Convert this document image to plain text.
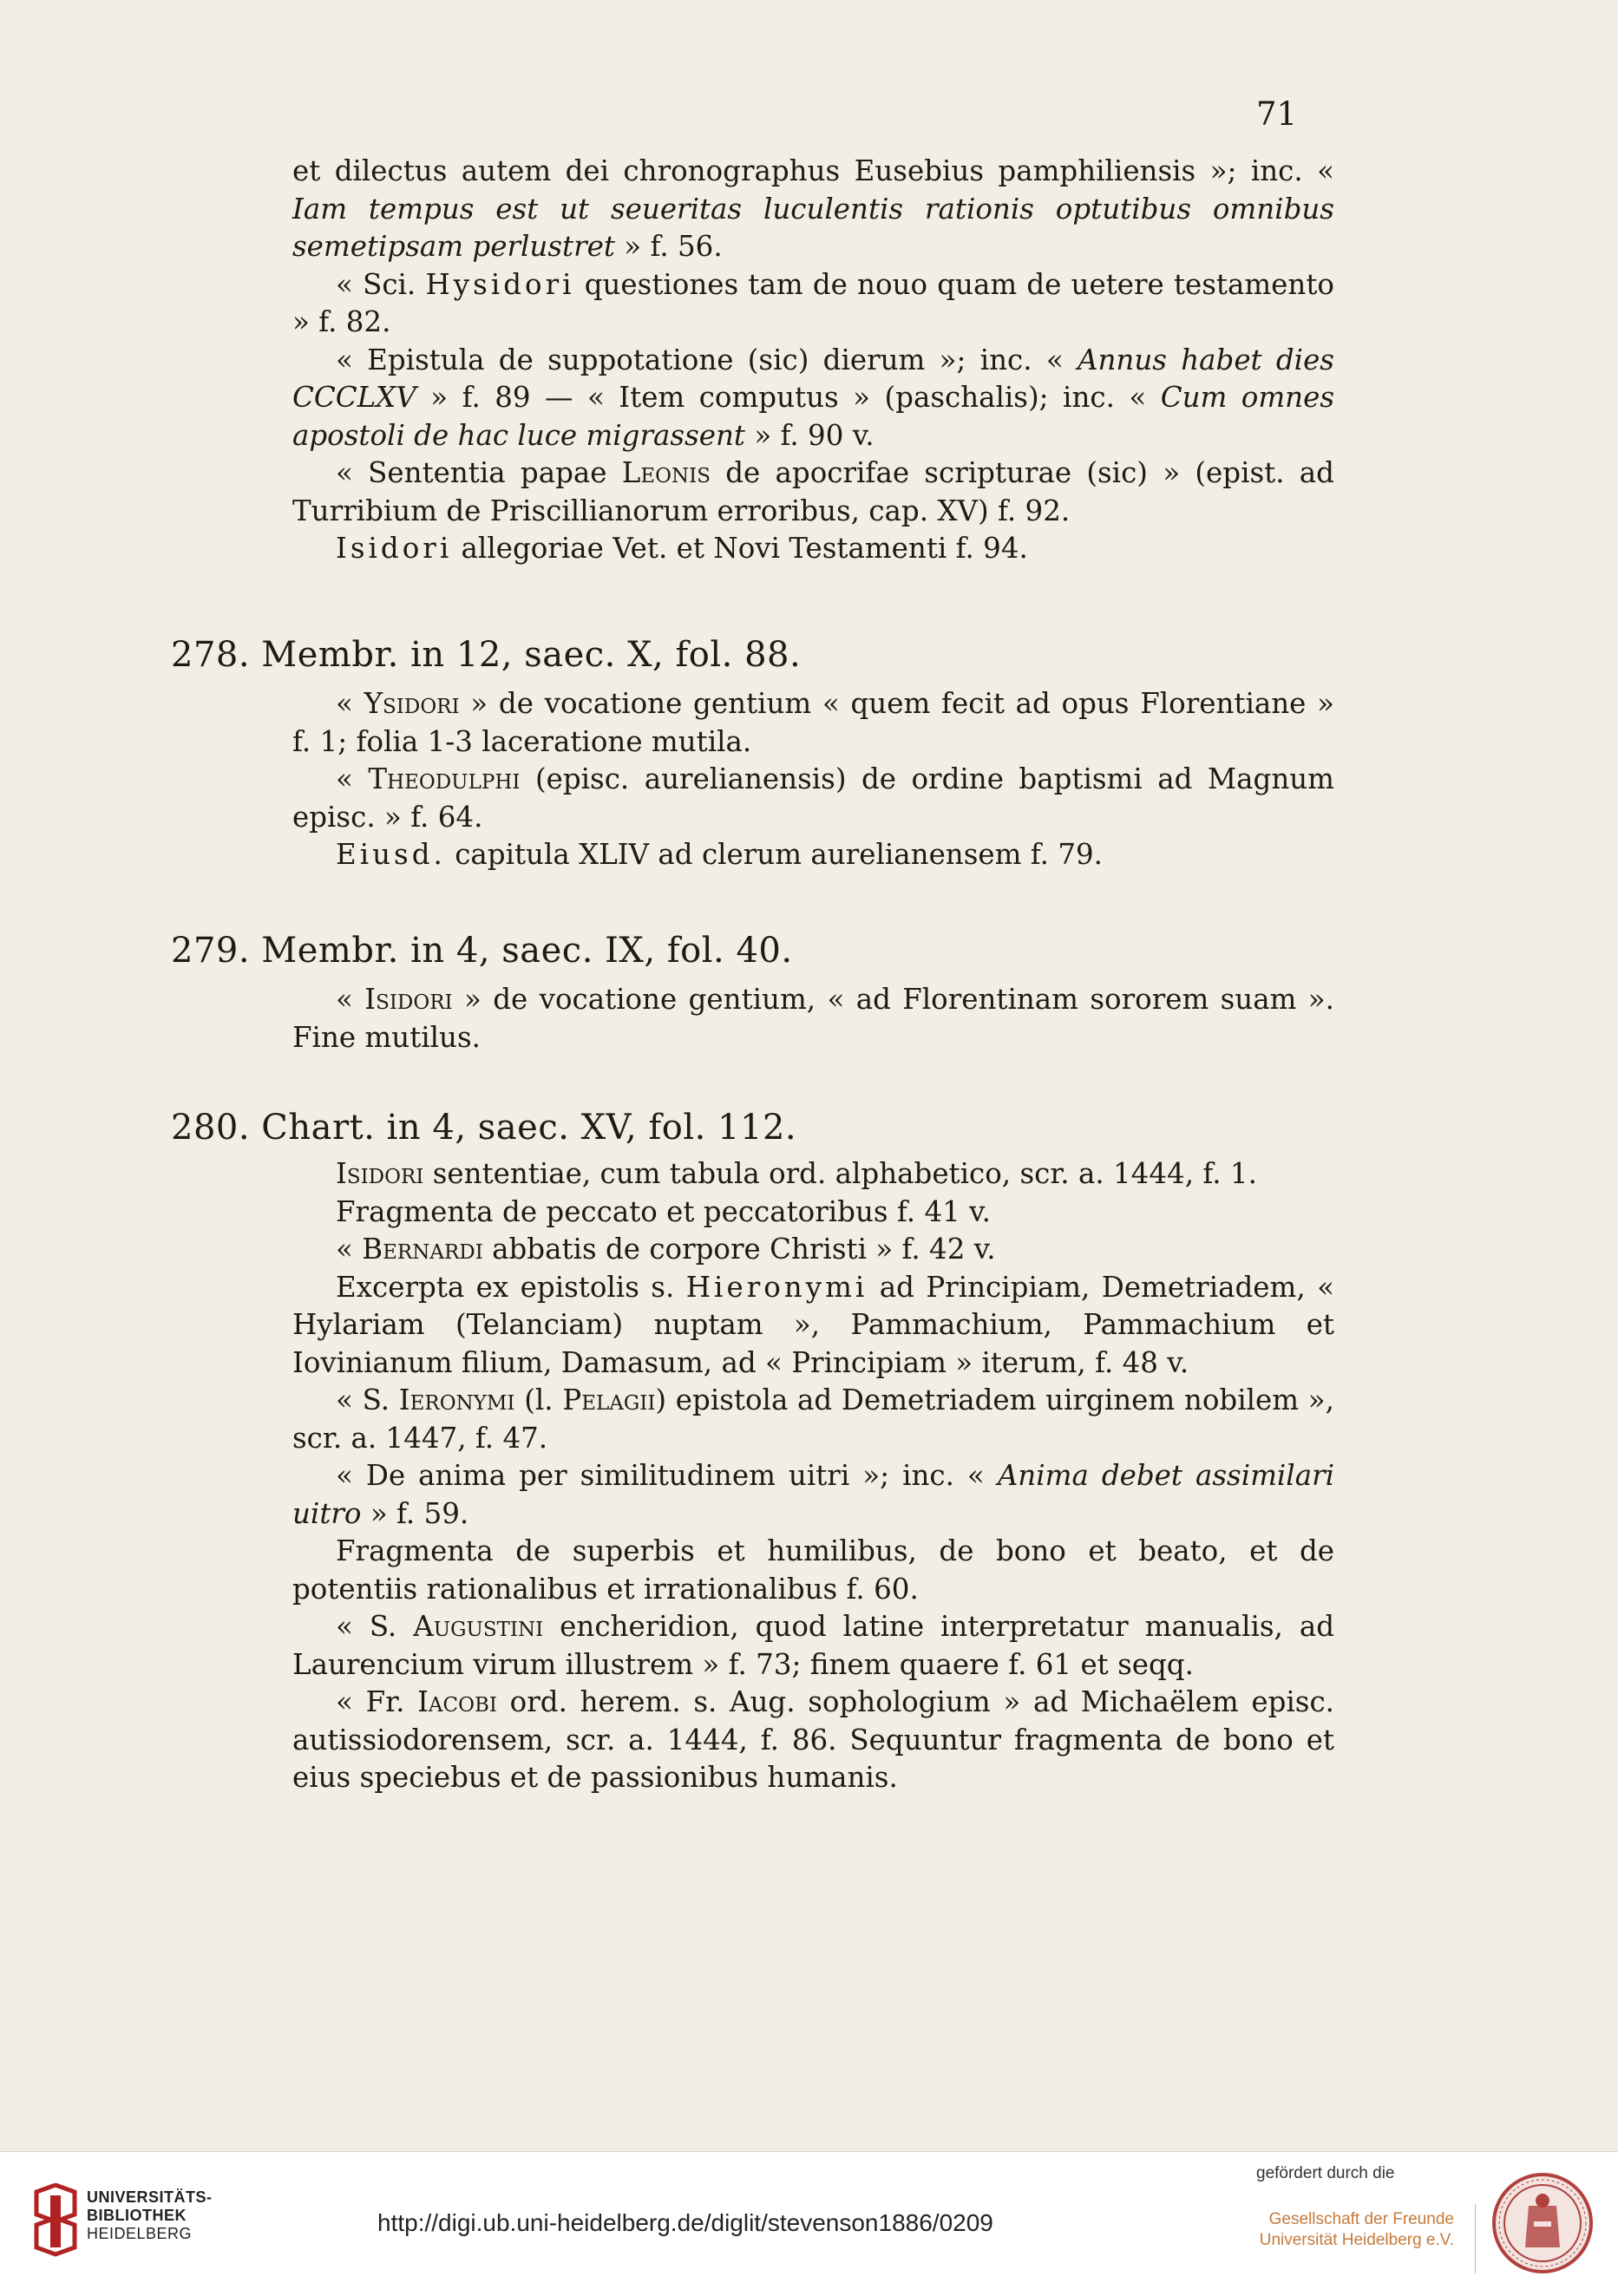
71

et dilectus autem dei chronographus Eusebius pamphiliensis »; inc. « Iam tempus est ut seueritas luculentis rationis optutibus omnibus semetipsam perlustret » f. 56.

« Sci. Hysidori questiones tam de nouo quam de uetere testamento » f. 82.

« Epistula de suppotatione (sic) dierum »; inc. « Annus habet dies CCCLXV » f. 89 — « Item computus » (paschalis); inc. « Cum omnes apostoli de hac luce migrassent » f. 90 v.

« Sententia papae Leonis de apocrifae scripturae (sic) » (epist. ad Turribium de Priscillianorum erroribus, cap. XV) f. 92.

Isidori allegoriae Vet. et Novi Testamenti f. 94.

278. Membr. in 12, saec. X, fol. 88.

« Ysidori » de vocatione gentium « quem fecit ad opus Florentiane » f. 1; folia 1-3 laceratione mutila.

« Theodulphi (episc. aurelianensis) de ordine baptismi ad Magnum episc. » f. 64.

Eiusd. capitula XLIV ad clerum aurelianensem f. 79.

279. Membr. in 4, saec. IX, fol. 40.

« Isidori » de vocatione gentium, « ad Florentinam sororem suam ». Fine mutilus.

280. Chart. in 4, saec. XV, fol. 112.

Isidori sententiae, cum tabula ord. alphabetico, scr. a. 1444, f. 1.

Fragmenta de peccato et peccatoribus f. 41 v.

« Bernardi abbatis de corpore Christi » f. 42 v.

Excerpta ex epistolis s. Hieronymi ad Principiam, Demetriadem, « Hylariam (Telanciam) nuptam », Pammachium, Pammachium et Iovinianum filium, Damasum, ad « Principiam » iterum, f. 48 v.

« S. Ieronymi (l. Pelagii) epistola ad Demetriadem uirginem nobilem », scr. a. 1447, f. 47.

« De anima per similitudinem uitri »; inc. « Anima debet assimilari uitro » f. 59.

Fragmenta de superbis et humilibus, de bono et beato, et de potentiis rationalibus et irrationalibus f. 60.

« S. Augustini encheridion, quod latine interpretatur manualis, ad Laurencium virum illustrem » f. 73; finem quaere f. 61 et seqq.

« Fr. Iacobi ord. herem. s. Aug. sophologium » ad Michaëlem episc. autissiodorensem, scr. a. 1444, f. 86. Sequuntur fragmenta de bono et eius speciebus et de passionibus humanis.

UNIVERSITÄTS-
BIBLIOTHEK
HEIDELBERG	http://digi.ub.uni-heidelberg.de/diglit/stevenson1886/0209
gefördert durch die
Gesellschaft der Freunde
Universität Heidelberg e.V.
